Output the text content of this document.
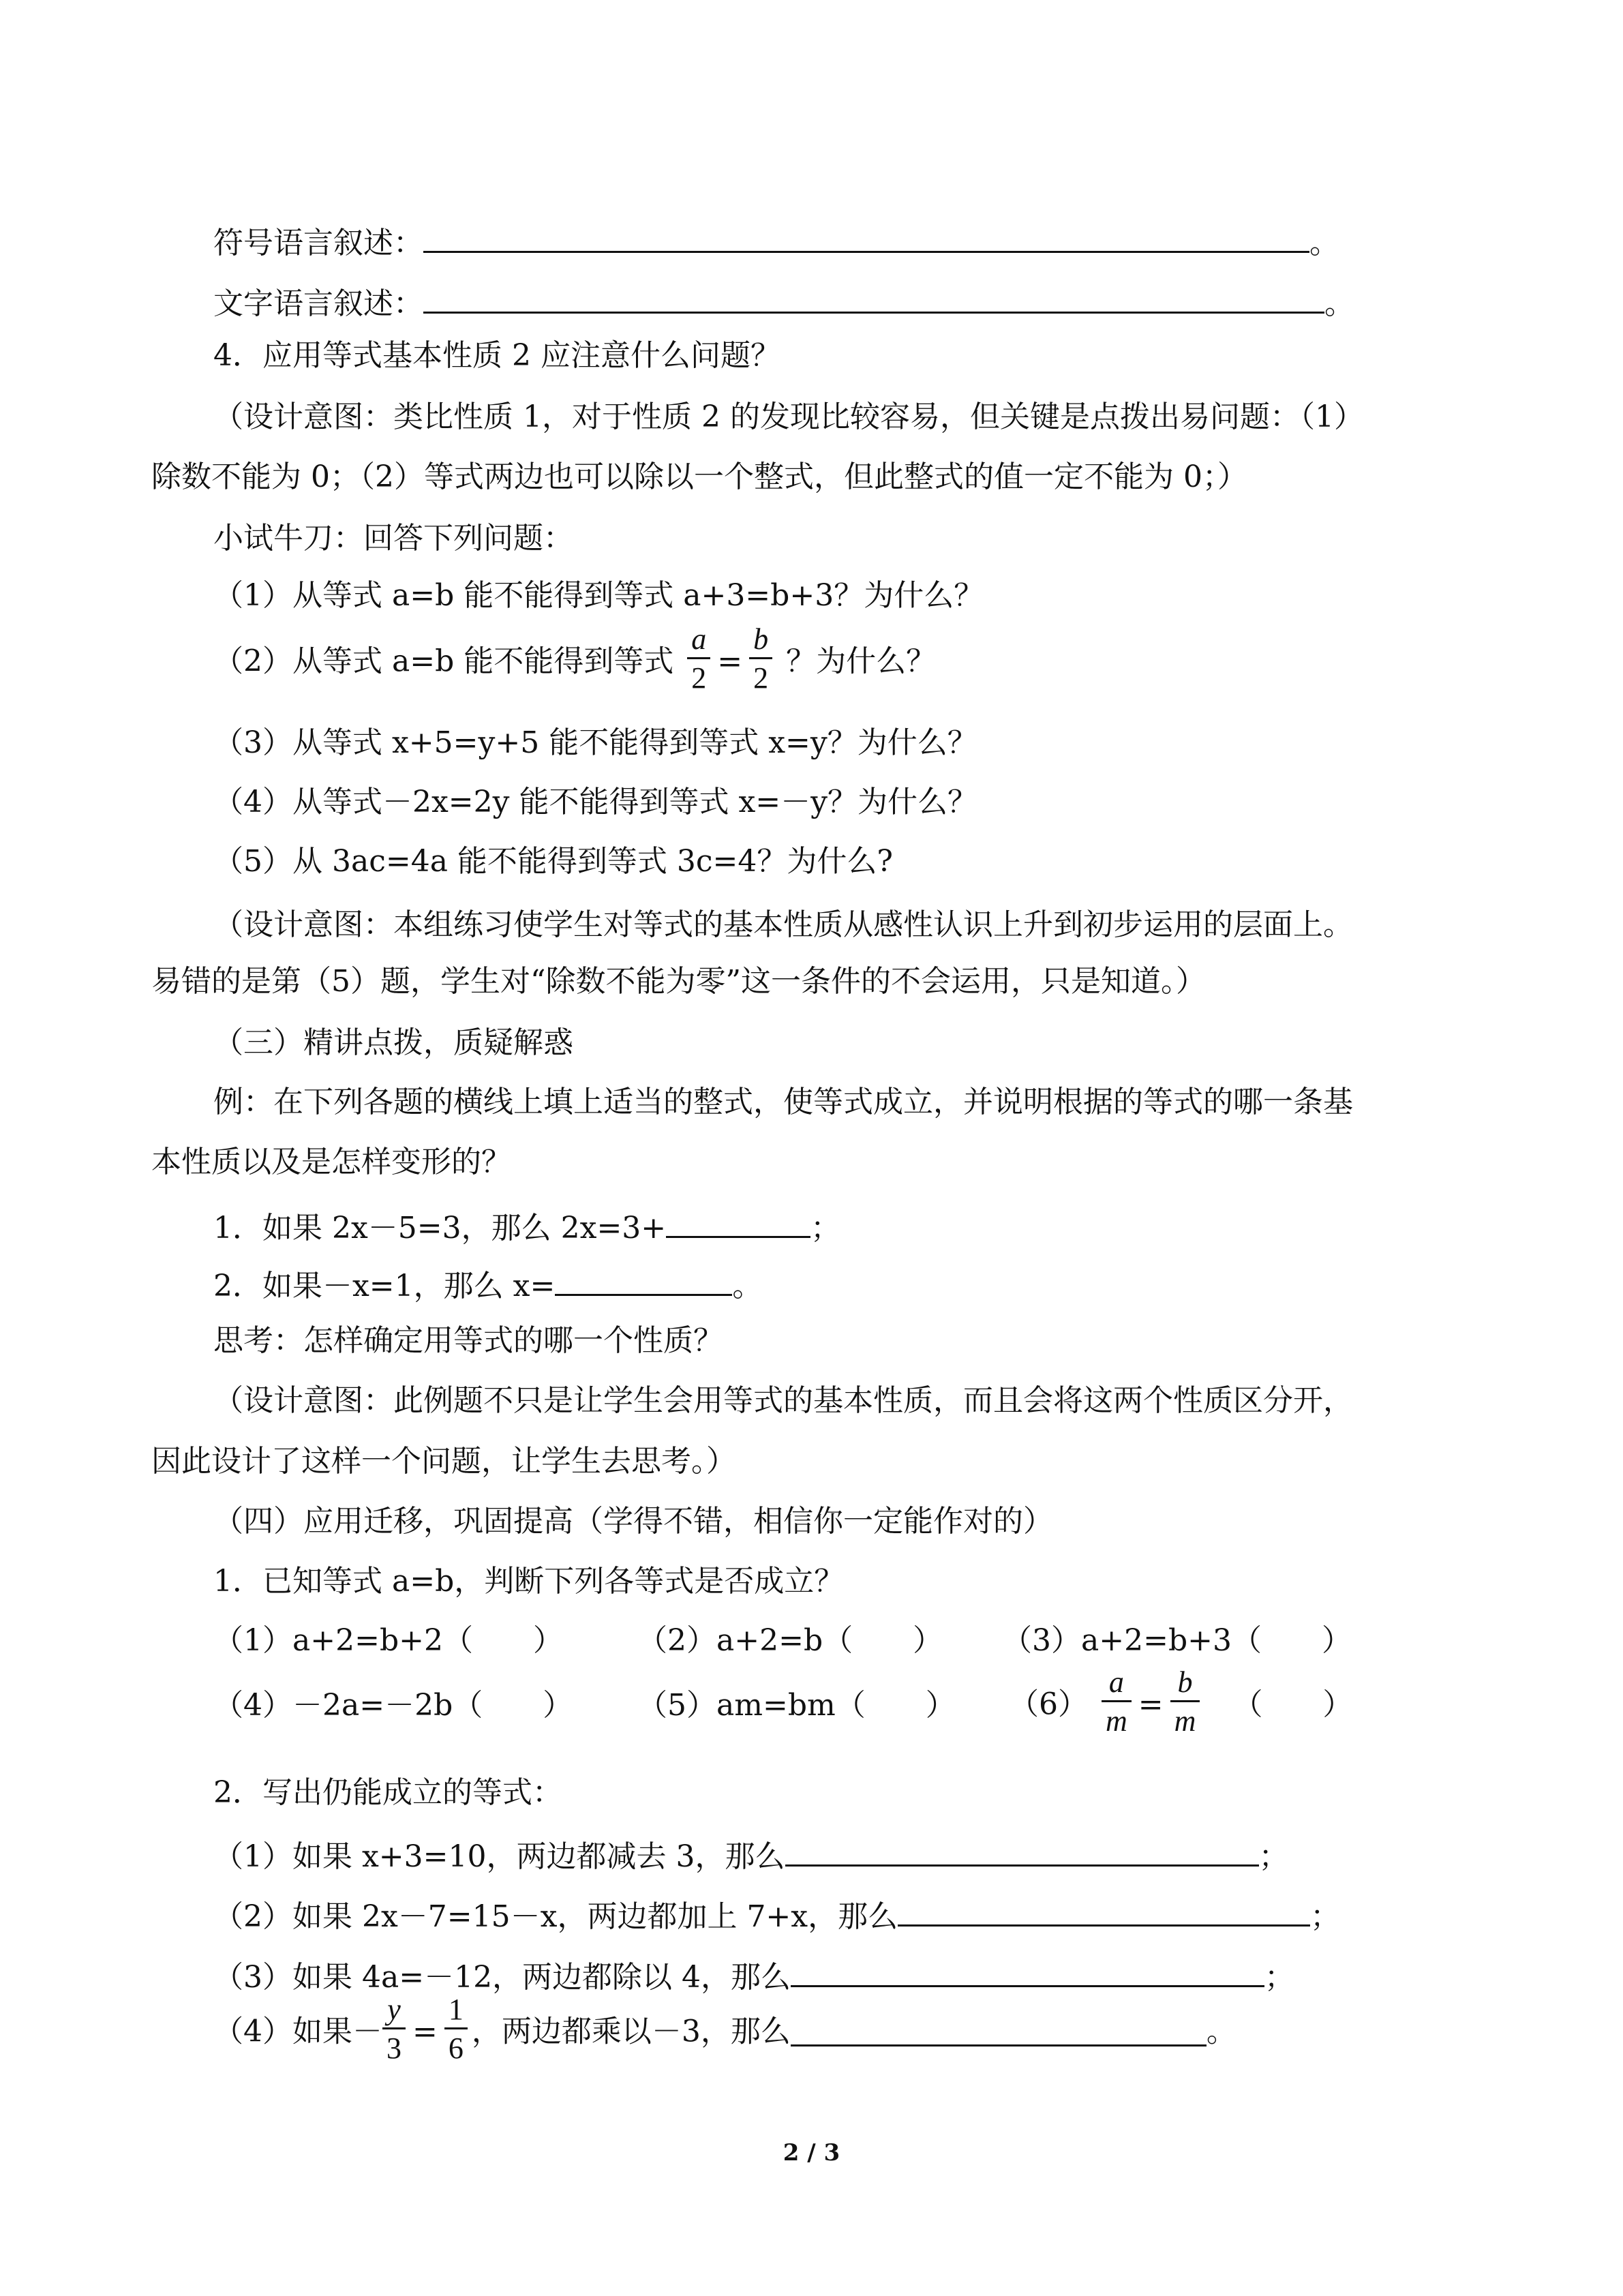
符号语言叙述：	。
文字语言叙述：	。
4．应用等式基本性质 2 应注意什么问题？
（设计意图：类比性质 1，对于性质 2 的发现比较容易，但关键是点拨出易问题：（1）
除数不能为 0；（2）等式两边也可以除以一个整式，但此整式的值一定不能为 0；）
小试牛刀：回答下列问题：
（1）从等式 a=b 能不能得到等式 a+3=b+3？为什么？
（2）从等式 a=b 能不能得到等式 $\frac{a}{2} = \frac{b}{2}$ ？为什么？
（3）从等式 x+5=y+5 能不能得到等式 x=y？为什么？
（4）从等式－2x=2y 能不能得到等式 x=－y？为什么？
（5）从 3ac=4a 能不能得到等式 3c=4？为什么?
（设计意图：本组练习使学生对等式的基本性质从感性认识上升到初步运用的层面上。
易错的是第（5）题，学生对“除数不能为零”这一条件的不会运用，只是知道。）
（三）精讲点拨，质疑解惑
例：在下列各题的横线上填上适当的整式，使等式成立，并说明根据的等式的哪一条基
本性质以及是怎样变形的？
1．如果 2x－5=3，那么 2x=3+	；
2．如果－x=1，那么 x=	。
思考：怎样确定用等式的哪一个性质？
（设计意图：此例题不只是让学生会用等式的基本性质，而且会将这两个性质区分开，
因此设计了这样一个问题，让学生去思考。）
（四）应用迁移，巩固提高（学得不错，相信你一定能作对的）
1．已知等式 a=b，判断下列各等式是否成立？
（1）a+2=b+2（　　） （2）a+2=b（　　） （3）a+2=b+3（　　）
（4）－2a=－2b（　　） （5）am=bm（　　） $(6) \frac{a}{m} = \frac{b}{m}$ （　　）
2．写出仍能成立的等式：
（1）如果 x+3=10，两边都减去 3，那么	；
（2）如果 2x－7=15－x，两边都加上 7+x，那么	；
（3）如果 4a=－12，两边都除以 4，那么	；
（4）如果－ $\frac{y}{3} = \frac{1}{6}$ ，两边都乘以－3，那么	。
2 / 3
